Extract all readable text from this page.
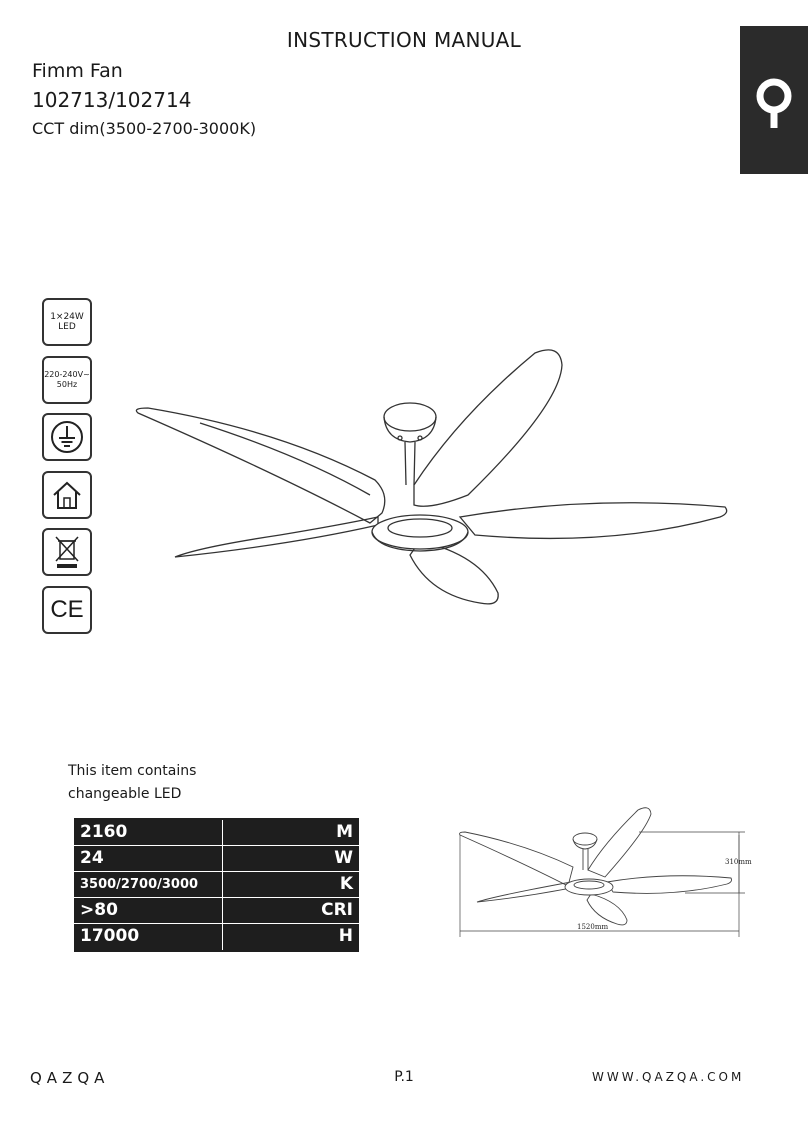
INSTRUCTION MANUAL
Fimm Fan
102713/102714
CCT dim(3500-2700-3000K)
1×24W
LED
220-240V~
50Hz
CE
This item contains
changeable LED
2160	M
24	W
3500/2700/3000	K
>80	CRI
17000	H
310mm
1520mm
QAZQA	P.1	WWW.QAZQA.COM
